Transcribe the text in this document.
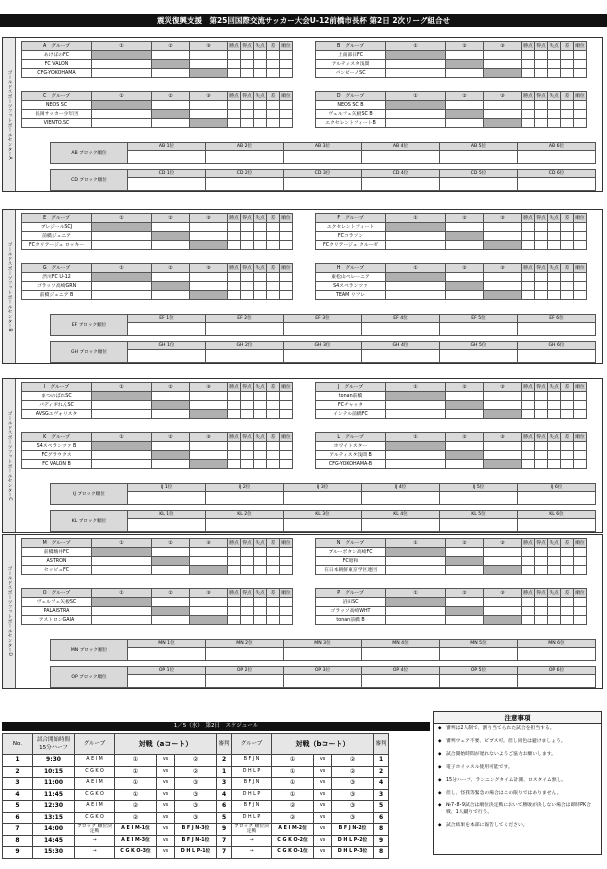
震災復興支援　第25回国際交流サッカー大会U-12前橋市長杯 第2日 2次リーグ組合せ
ゴールドスポーツフットボールセンターA
A　グループ	①	②	③	勝点	得点	失点	差	順位
あけぼのFC								
FC VALON								
CFG-YOKOHAMA								
B　グループ	①	②	③	勝点	得点	失点	差	順位
上南部日FC								
アルティスタ浅間								
バンビーノSC								
C　グループ	①	②	③	勝点	得点	失点	差	順位
NEOS SC								
長岡サッカー少年団								
VIENTO.SC								
D　グループ	①	②	③	勝点	得点	失点	差	順位
NEOS SC B								
ヴェルフェ矢板SC B								
エクセレントフィートB								
AB ブロック順位	AB 1位	AB 2位	AB 3位	AB 4位	AB 5位	AB 6位

CD ブロック順位	CD 1位	CD 2位	CD 3位	CD 4位	CD 5位	CD 6位

ゴールドスポーツフットボールセンターB
E　グループ	①	②	③	勝点	得点	失点	差	順位
ブレジールSCJ								
前橋ジュニア								
FCクリアージュ ロッキー								
F　グループ	①	②	③	勝点	得点	失点	差	順位
エクセレントフィート								
FCコラソン								
FCクリアージュ クルーゼ								
G　グループ	①	②	③	勝点	得点	失点	差	順位
渋川FC U-12								
ゴラッソ高崎GRN								
前橋ジュニア B								
H　グループ	①	②	③	勝点	得点	失点	差	順位
東松山ペレーニア								
S4スペランツァ								
TEAM リフレ								
EF ブロック順位	EF 1位	EF 2位	EF 3位	EF 4位	EF 5位	EF 6位

GH ブロック順位	GH 1位	GH 2位	GH 3位	GH 4位	GH 5位	GH 6位

ゴールドスポーツフットボールセンターC
I　グループ	①	②	③	勝点	得点	失点	差	順位
まつのぱれSC								
パディギれんSC								
AVSGエヴォリスタ								
J　グループ	①	②	③	勝点	得点	失点	差	順位
tonan前橋								
FCチャッタ								
インテル前橋FC								
K　グループ	①	②	③	勝点	得点	失点	差	順位
S4スペランツァ B								
FCグラウクス								
FC VALON B								
L　グループ	①	②	③	勝点	得点	失点	差	順位
ホワイトスター								
アルティスタ浅間 B								
CFG-YOKOHAMA-B								
IJ ブロック順位	IJ 1位	IJ 2位	IJ 3位	IJ 4位	IJ 5位	IJ 6位

KL ブロック順位	KL 1位	KL 2位	KL 3位	KL 4位	KL 5位	KL 6位

ゴールドスポーツフットボールセンターD
M　グループ	①	②	③	勝点	得点	失点	差	順位
前橋駒井FC								
ASTRON								
セッピュFC								
N　グループ	①	②	③	勝点	得点	失点	差	順位
ブルーボタン高崎FC								
FC昭和								
在日本朝鮮東京学区連団								
O　グループ	①	②	③	勝点	得点	失点	差	順位
ヴェルフェ矢板SC								
PALAISTRA								
アストロンGAIA								
P　グループ	①	②	③	勝点	得点	失点	差	順位
沼田SC								
ゴラッソ高崎WHT								
tonan前橋 B								
MN ブロック順位	MN 1位	MN 2位	MN 3位	MN 4位	MN 5位	MN 6位

OP ブロック順位	OP 1位	OP 2位	OP 3位	OP 4位	OP 5位	OP 6位

1／5（水）　第2日　スケジュール
No.	試合開始時間 15分ハーフ	グループ	対戦（aコート）			審判	グループ	対戦（bコート）			審判
1	9:30	A E I M	①	vs	②	2	B F J N	①	vs	②	1
2	10:15	C G K O	①	vs	②	1	D H L P	①	vs	②	2
3	11:00	A E I M	①	vs	③	3	B F J N	①	vs	③	4
4	11:45	C G K O	①	vs	③	4	D H L P	①	vs	③	3
5	12:30	A E I M	②	vs	③	6	B F J N	②	vs	③	5
6	13:15	C G K O	②	vs	③	5	D H L P	②	vs	③	6
7	14:00	ブロック 順位決定戦	A E I M-1位	vs	B F J N-3位	9	ブロック 順位決定戦	A E I M-2位	vs	B F J N-2位	8
8	14:45	→	A E I M-3位	vs	B F J N-1位	7	→	C G K O-2位	vs	D H L P-2位	9
9	15:30	→	C G K O-3位	vs	D H L P-1位	7	→	C G K O-1位	vs	D H L P-3位	8
注意事項
◆ 審判は2人制で、割り当てられた試合を担当する。
◆ 審判ウェア不要、ビブス可。但し同色は避けましょう。
◆ 試合開始時間が遅れないようご協力お願いします。
◆ 電子ホイッスル使用可能です。
◆ 15分ハーフ、ランニングタイム計測、ロスタイム無し。
◆ 但し、怪我等緊急の場合はこの限りではありません。
◆ №7･8･9試合は順位決定戦において勝敗が決しない場合は即時PK合戦、1人蹴りで行う。
◆ 試合結果を本部に報告してください。
